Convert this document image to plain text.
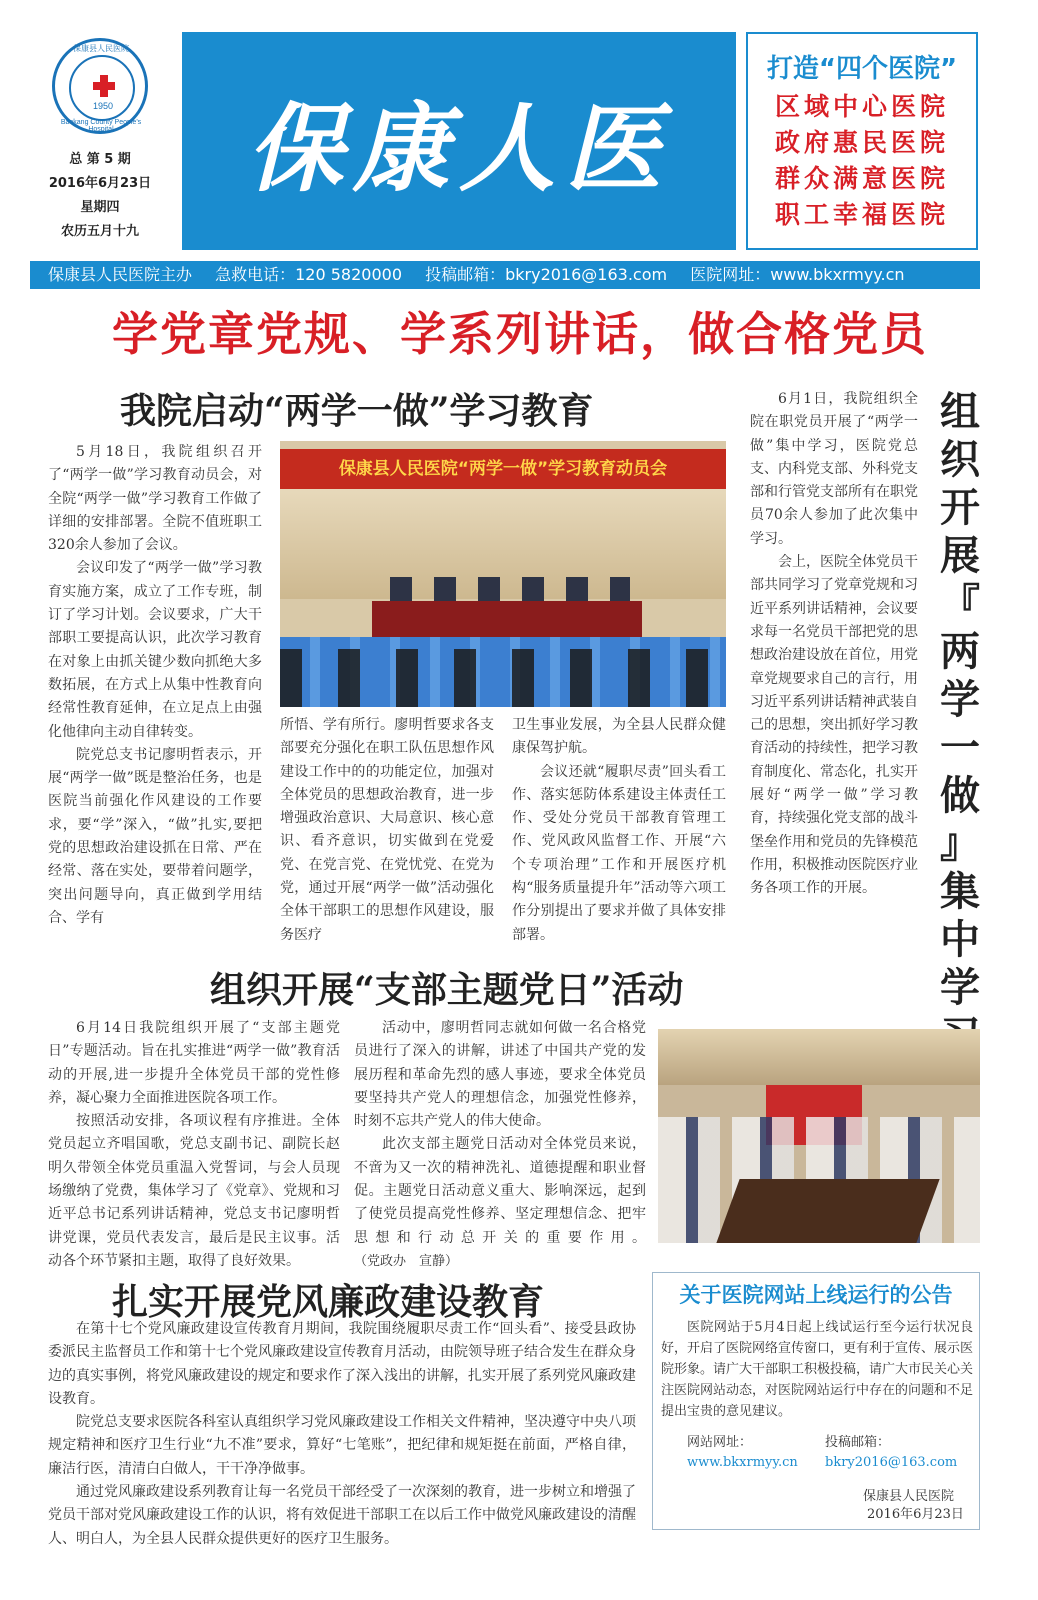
Baokang County People's Hospital
保康县人民医院
1950
总 第 5 期
2016年6月23日
星期四
农历五月十九
保康人医
打造“四个医院”
区域中心医院
政府惠民医院
群众满意医院
职工幸福医院
保康县人民医院主办 急救电话：120 5820000 投稿邮箱：bkry2016@163.com 医院网址：www.bkxrmyy.cn
学党章党规、学系列讲话，做合格党员
我院启动“两学一做”学习教育

5月18日，我院组织召开了“两学一做”学习教育动员会，对全院“两学一做”学习教育工作做了详细的安排部署。全院不值班职工320余人参加了会议。

会议印发了“两学一做”学习教育实施方案，成立了工作专班，制订了学习计划。会议要求，广大干部职工要提高认识，此次学习教育在对象上由抓关键少数向抓绝大多数拓展，在方式上从集中性教育向经常性教育延伸，在立足点上由强化他律向主动自律转变。

院党总支书记廖明哲表示，开展“两学一做”既是整治任务，也是医院当前强化作风建设的工作要求，要“学”深入，“做”扎实,要把党的思想政治建设抓在日常、严在经常、落在实处，要带着问题学，突出问题导向，真正做到学用结合、学有

保康县人民医院“两学一做”学习教育动员会

所悟、学有所行。廖明哲要求各支部要充分强化在职工队伍思想作风建设工作中的的功能定位，加强对全体党员的思想政治教育，进一步增强政治意识、大局意识、核心意识、看齐意识，切实做到在党爱党、在党言党、在党忧党、在党为党，通过开展“两学一做”活动强化全体干部职工的思想作风建设，服务医疗

卫生事业发展，为全县人民群众健康保驾护航。

会议还就“履职尽责”回头看工作、落实惩防体系建设主体责任工作、受处分党员干部教育管理工作、党风政风监督工作、开展“六个专项治理”工作和开展医疗机构“服务质量提升年”活动等六项工作分别提出了要求并做了具体安排部署。

6月1日，我院组织全院在职党员开展了“两学一做”集中学习，医院党总支、内科党支部、外科党支部和行管党支部所有在职党员70余人参加了此次集中学习。

会上，医院全体党员干部共同学习了党章党规和习近平系列讲话精神，会议要求每一名党员干部把党的思想政治建设放在首位，用党章党规要求自己的言行，用习近平系列讲话精神武装自己的思想，突出抓好学习教育活动的持续性，把学习教育制度化、常态化，扎实开展好“两学一做”学习教育，持续强化党支部的战斗堡垒作用和党员的先锋模范作用，积极推动医院医疗业务各项工作的开展。

组
织
开
展
『
两
学
一
做
』
集
中
学
组织开展“支部主题党日”活动

6月14日我院组织开展了“支部主题党日”专题活动。旨在扎实推进“两学一做”教育活动的开展,进一步提升全体党员干部的党性修养，凝心聚力全面推进医院各项工作。

按照活动安排，各项议程有序推进。全体党员起立齐唱国歌，党总支副书记、副院长赵明久带领全体党员重温入党誓词，与会人员现场缴纳了党费，集体学习了《党章》、党规和习近平总书记系列讲话精神，党总支书记廖明哲讲党课，党员代表发言，最后是民主议事。活动各个环节紧扣主题，取得了良好效果。

活动中，廖明哲同志就如何做一名合格党员进行了深入的讲解，讲述了中国共产党的发展历程和革命先烈的感人事迹，要求全体党员要坚持共产党人的理想信念，加强党性修养，时刻不忘共产党人的伟大使命。

此次支部主题党日活动对全体党员来说，不啻为又一次的精神洗礼、道德提醒和职业督促。主题党日活动意义重大、影响深远，起到了使党员提高党性修养、坚定理想信念、把牢思想和行动总开关的重要作用。（党政办　宣静）

扎实开展党风廉政建设教育

在第十七个党风廉政建设宣传教育月期间，我院围绕履职尽责工作“回头看”、接受县政协委派民主监督员工作和第十七个党风廉政建设宣传教育月活动，由院领导班子结合发生在群众身边的真实事例，将党风廉政建设的规定和要求作了深入浅出的讲解，扎实开展了系列党风廉政建设教育。

院党总支要求医院各科室认真组织学习党风廉政建设工作相关文件精神，坚决遵守中央八项规定精神和医疗卫生行业“九不准”要求，算好“七笔账”，把纪律和规矩挺在前面，严格自律，廉洁行医，清清白白做人，干干净净做事。

通过党风廉政建设系列教育让每一名党员干部经受了一次深刻的教育，进一步树立和增强了党员干部对党风廉政建设工作的认识，将有效促进干部职工在以后工作中做党风廉政建设的清醒人、明白人，为全县人民群众提供更好的医疗卫生服务。

关于医院网站上线运行的公告
医院网站于5月4日起上线试运行至今运行状况良好，开启了医院网络宣传窗口，更有利于宣传、展示医院形象。请广大干部职工积极投稿，请广大市民关心关注医院网站动态，对医院网站运行中存在的问题和不足提出宝贵的意见建议。
网站网址：
www.bkxrmyy.cn
投稿邮箱：
bkry2016@163.com
保康县人民医院
2016年6月23日
